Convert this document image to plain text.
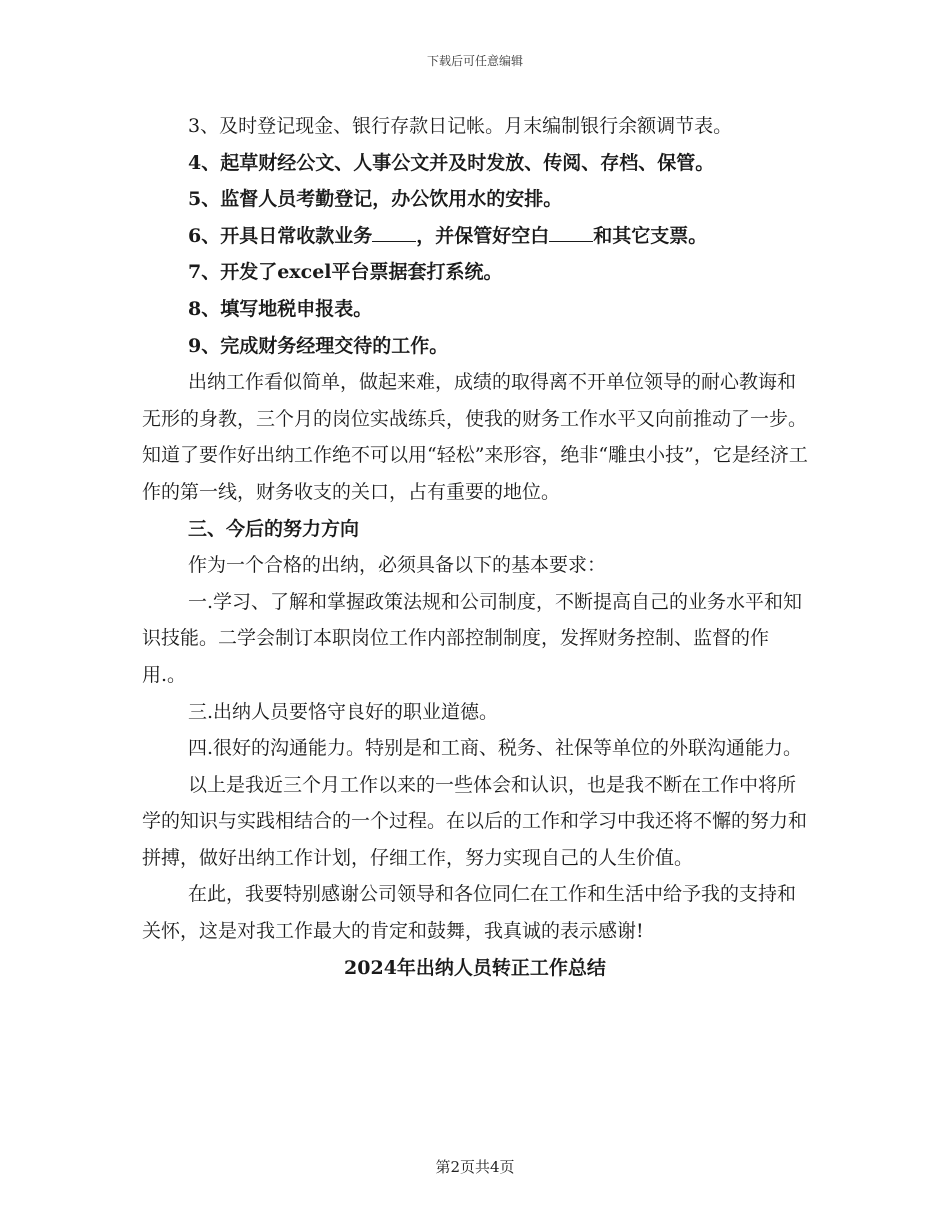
下载后可任意编辑

3、及时登记现金、银行存款日记帐。月末编制银行余额调节表。

4、起草财经公文、人事公文并及时发放、传阅、存档、保管。

5、监督人员考勤登记，办公饮用水的安排。

6、开具日常收款业务 ，并保管好空白 和其它支票。

7、开发了excel平台票据套打系统。

8、填写地税申报表。

9、完成财务经理交待的工作。

出纳工作看似简单，做起来难，成绩的取得离不开单位领导的耐心教诲和无形的身教，三个月的岗位实战练兵，使我的财务工作水平又向前推动了一步。知道了要作好出纳工作绝不可以用“轻松”来形容，绝非“雕虫小技”，它是经济工作的第一线，财务收支的关口，占有重要的地位。

三、今后的努力方向

作为一个合格的出纳，必须具备以下的基本要求：

一.学习、了解和掌握政策法规和公司制度，不断提高自己的业务水平和知识技能。二学会制订本职岗位工作内部控制制度，发挥财务控制、监督的作用.。

三.出纳人员要恪守良好的职业道德。

四.很好的沟通能力。特别是和工商、税务、社保等单位的外联沟通能力。

以上是我近三个月工作以来的一些体会和认识，也是我不断在工作中将所学的知识与实践相结合的一个过程。在以后的工作和学习中我还将不懈的努力和拼搏，做好出纳工作计划，仔细工作，努力实现自己的人生价值。

在此，我要特别感谢公司领导和各位同仁在工作和生活中给予我的支持和关怀，这是对我工作最大的肯定和鼓舞，我真诚的表示感谢!

2024年出纳人员转正工作总结

第2页共4页
